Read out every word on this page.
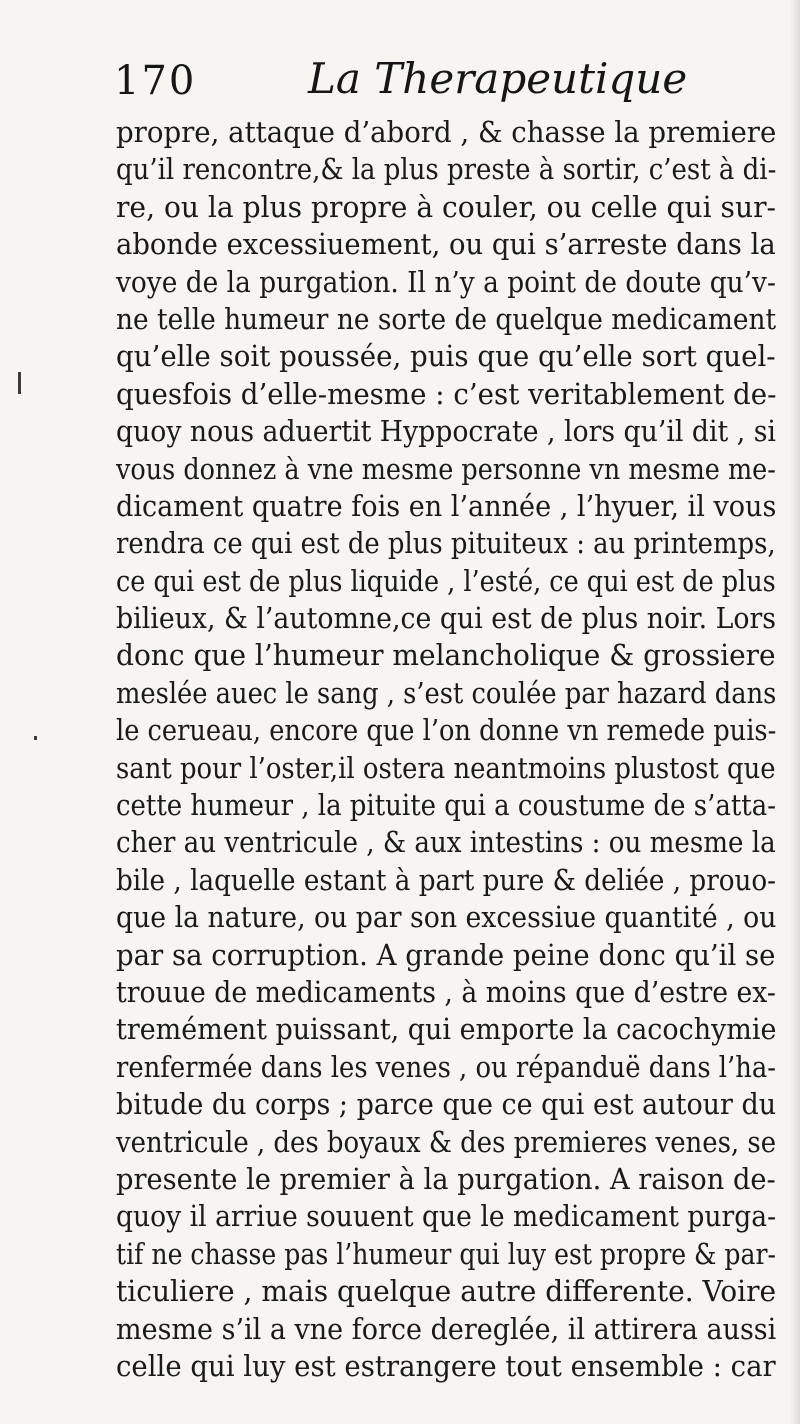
170	La Therapeutique
propre, attaque d’abord , & chasse la premiere
qu’il rencontre,& la plus preste à sortir, c’est à di-
re, ou la plus propre à couler, ou celle qui sur-
abonde excessiuement, ou qui s’arreste dans la
voye de la purgation. Il n’y a point de doute qu’v-
ne telle humeur ne sorte de quelque medicament
qu’elle soit poussée, puis que qu’elle sort quel-
quesfois d’elle-mesme : c’est veritablement de-
quoy nous aduertit Hyppocrate , lors qu’il dit , si
vous donnez à vne mesme personne vn mesme me-
dicament quatre fois en l’année , l’hyuer, il vous
rendra ce qui est de plus pituiteux : au printemps,
ce qui est de plus liquide , l’esté, ce qui est de plus
bilieux, & l’automne,ce qui est de plus noir. Lors
donc que l’humeur melancholique & grossiere
meslée auec le sang , s’est coulée par hazard dans
le cerueau, encore que l’on donne vn remede puis-
sant pour l’oster,il ostera neantmoins plustost que
cette humeur , la pituite qui a coustume de s’atta-
cher au ventricule , & aux intestins : ou mesme la
bile , laquelle estant à part pure & deliée , prouo-
que la nature, ou par son excessiue quantité , ou
par sa corruption. A grande peine donc qu’il se
trouue de medicaments , à moins que d’estre ex-
tremément puissant, qui emporte la cacochymie
renfermée dans les venes , ou répanduë dans l’ha-
bitude du corps ; parce que ce qui est autour du
ventricule , des boyaux & des premieres venes, se
presente le premier à la purgation. A raison de-
quoy il arriue souuent que le medicament purga-
tif ne chasse pas l’humeur qui luy est propre & par-
ticuliere , mais quelque autre differente. Voire
mesme s’il a vne force dereglée, il attirera aussi
celle qui luy est estrangere tout ensemble : car
